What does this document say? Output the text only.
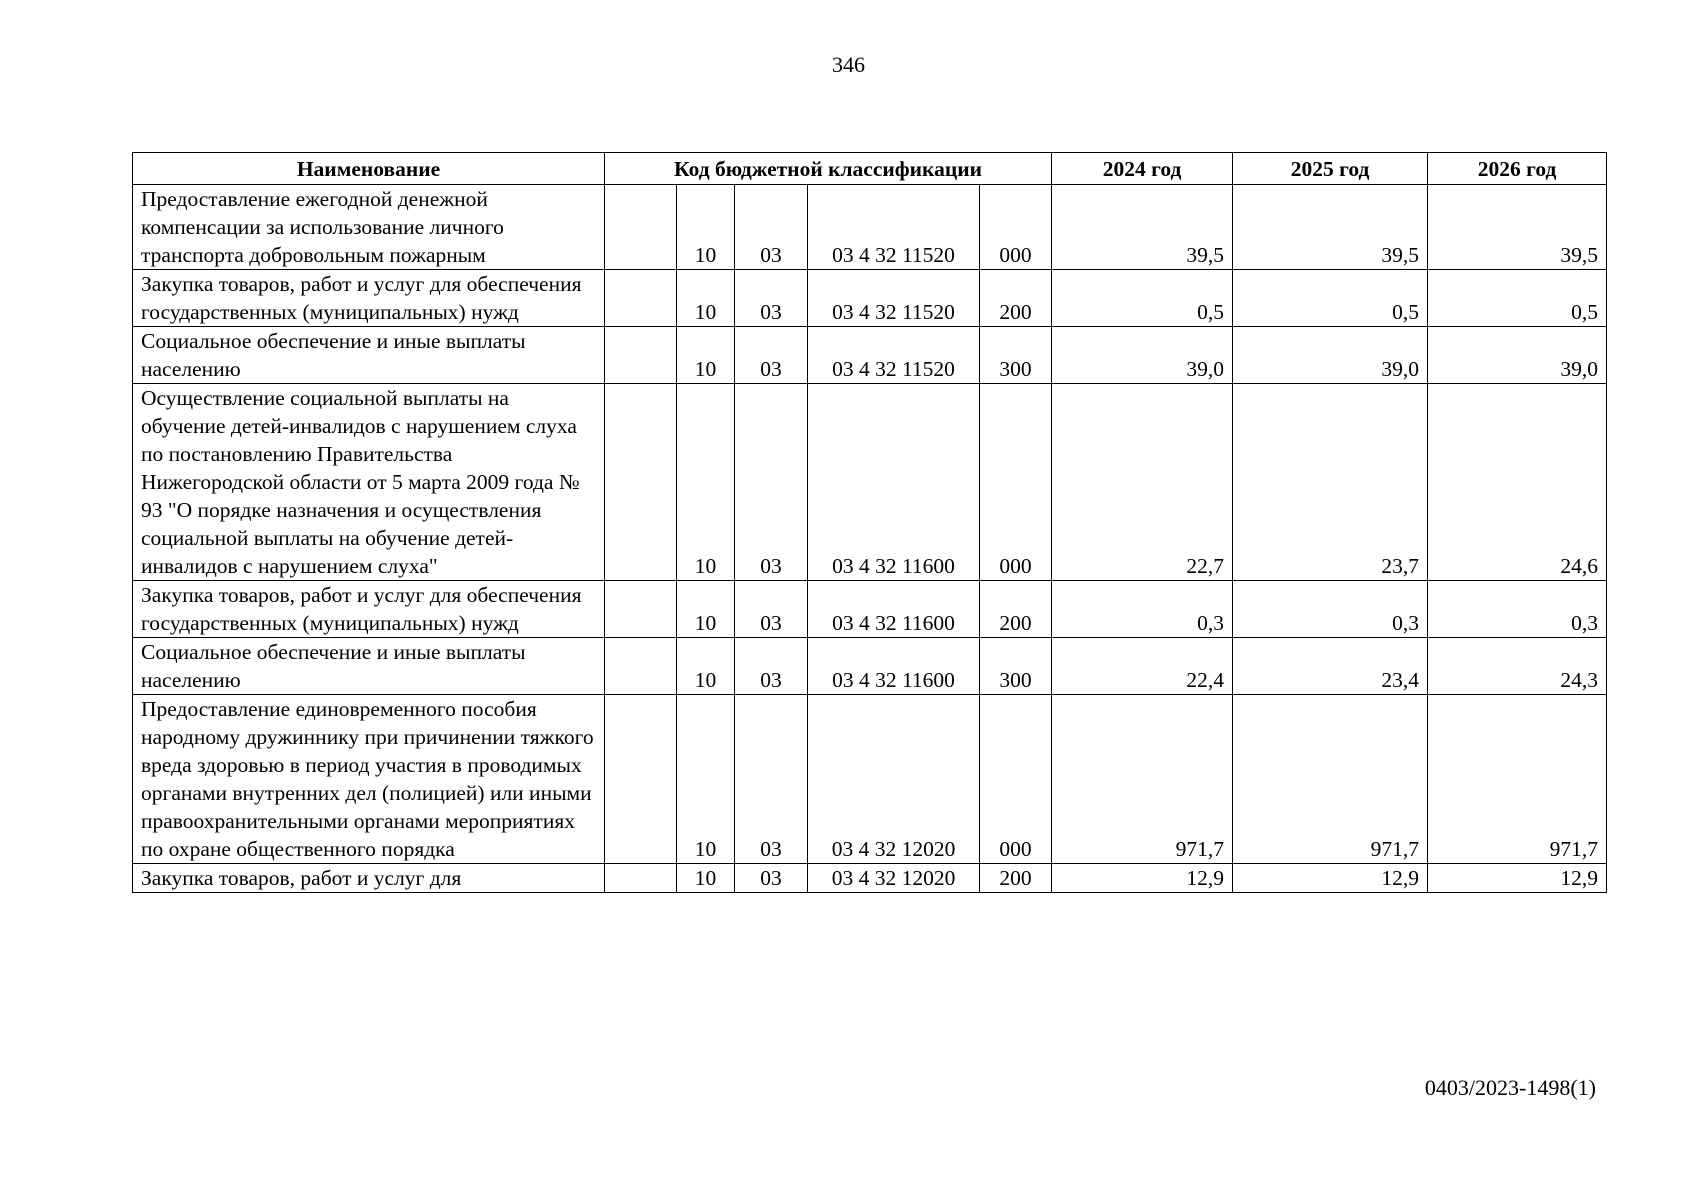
346
Наименование	Код бюджетной классификации					2024 год	2025 год	2026 год
Предоставление ежегодной денежной компенсации за использование личного транспорта добровольным пожарным		10	03	03 4 32 11520	000	39,5	39,5	39,5
Закупка товаров, работ и услуг для обеспечения государственных (муниципальных) нужд		10	03	03 4 32 11520	200	0,5	0,5	0,5
Социальное обеспечение и иные выплаты населению		10	03	03 4 32 11520	300	39,0	39,0	39,0
Осуществление социальной выплаты на обучение детей-инвалидов с нарушением слуха по постановлению Правительства Нижегородской области от 5 марта 2009 года № 93 "О порядке назначения и осуществления социальной выплаты на обучение детей-инвалидов с нарушением слуха"		10	03	03 4 32 11600	000	22,7	23,7	24,6
Закупка товаров, работ и услуг для обеспечения государственных (муниципальных) нужд		10	03	03 4 32 11600	200	0,3	0,3	0,3
Социальное обеспечение и иные выплаты населению		10	03	03 4 32 11600	300	22,4	23,4	24,3
Предоставление единовременного пособия народному дружиннику при причинении тяжкого вреда здоровью в период участия в проводимых органами внутренних дел (полицией) или иными правоохранительными органами мероприятиях по охране общественного порядка		10	03	03 4 32 12020	000	971,7	971,7	971,7
Закупка товаров, работ и услуг для		10	03	03 4 32 12020	200	12,9	12,9	12,9
0403/2023-1498(1)
